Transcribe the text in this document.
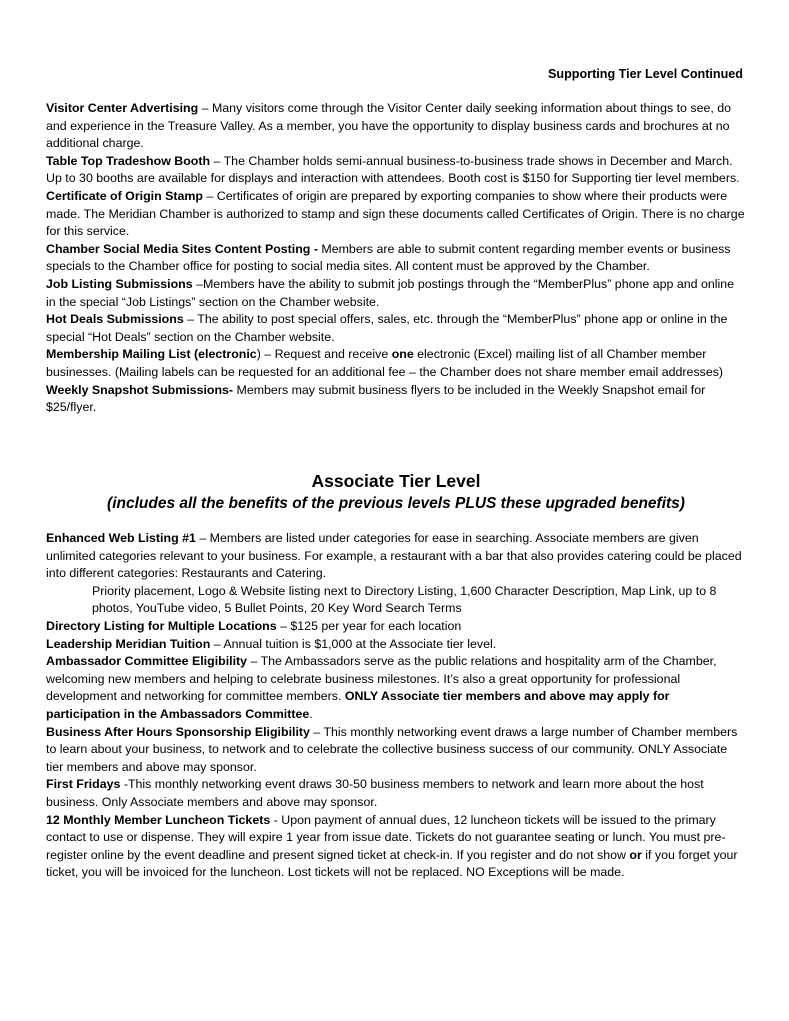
Supporting Tier Level Continued

Visitor Center Advertising – Many visitors come through the Visitor Center daily seeking information about things to see, do and experience in the Treasure Valley. As a member, you have the opportunity to display business cards and brochures at no additional charge.

Table Top Tradeshow Booth – The Chamber holds semi-annual business-to-business trade shows in December and March. Up to 30 booths are available for displays and interaction with attendees. Booth cost is $150 for Supporting tier level members.

Certificate of Origin Stamp – Certificates of origin are prepared by exporting companies to show where their products were made. The Meridian Chamber is authorized to stamp and sign these documents called Certificates of Origin. There is no charge for this service.

Chamber Social Media Sites Content Posting - Members are able to submit content regarding member events or business specials to the Chamber office for posting to social media sites. All content must be approved by the Chamber.

Job Listing Submissions –Members have the ability to submit job postings through the “MemberPlus” phone app and online in the special “Job Listings” section on the Chamber website.

Hot Deals Submissions – The ability to post special offers, sales, etc. through the “MemberPlus” phone app or online in the special “Hot Deals” section on the Chamber website.

Membership Mailing List (electronic) – Request and receive one electronic (Excel) mailing list of all Chamber member businesses. (Mailing labels can be requested for an additional fee – the Chamber does not share member email addresses)

Weekly Snapshot Submissions- Members may submit business flyers to be included in the Weekly Snapshot email for $25/flyer.

Associate Tier Level

(includes all the benefits of the previous levels PLUS these upgraded benefits)

Enhanced Web Listing #1 – Members are listed under categories for ease in searching. Associate members are given unlimited categories relevant to your business. For example, a restaurant with a bar that also provides catering could be placed into different categories: Restaurants and Catering.

Priority placement, Logo & Website listing next to Directory Listing, 1,600 Character Description, Map Link, up to 8 photos, YouTube video, 5 Bullet Points, 20 Key Word Search Terms

Directory Listing for Multiple Locations – $125 per year for each location

Leadership Meridian Tuition – Annual tuition is $1,000 at the Associate tier level.

Ambassador Committee Eligibility – The Ambassadors serve as the public relations and hospitality arm of the Chamber, welcoming new members and helping to celebrate business milestones. It’s also a great opportunity for professional development and networking for committee members. ONLY Associate tier members and above may apply for participation in the Ambassadors Committee.

Business After Hours Sponsorship Eligibility – This monthly networking event draws a large number of Chamber members to learn about your business, to network and to celebrate the collective business success of our community. ONLY Associate tier members and above may sponsor.

First Fridays -This monthly networking event draws 30-50 business members to network and learn more about the host business. Only Associate members and above may sponsor.

12 Monthly Member Luncheon Tickets - Upon payment of annual dues, 12 luncheon tickets will be issued to the primary contact to use or dispense. They will expire 1 year from issue date. Tickets do not guarantee seating or lunch. You must pre-register online by the event deadline and present signed ticket at check-in. If you register and do not show or if you forget your ticket, you will be invoiced for the luncheon. Lost tickets will not be replaced. NO Exceptions will be made.
